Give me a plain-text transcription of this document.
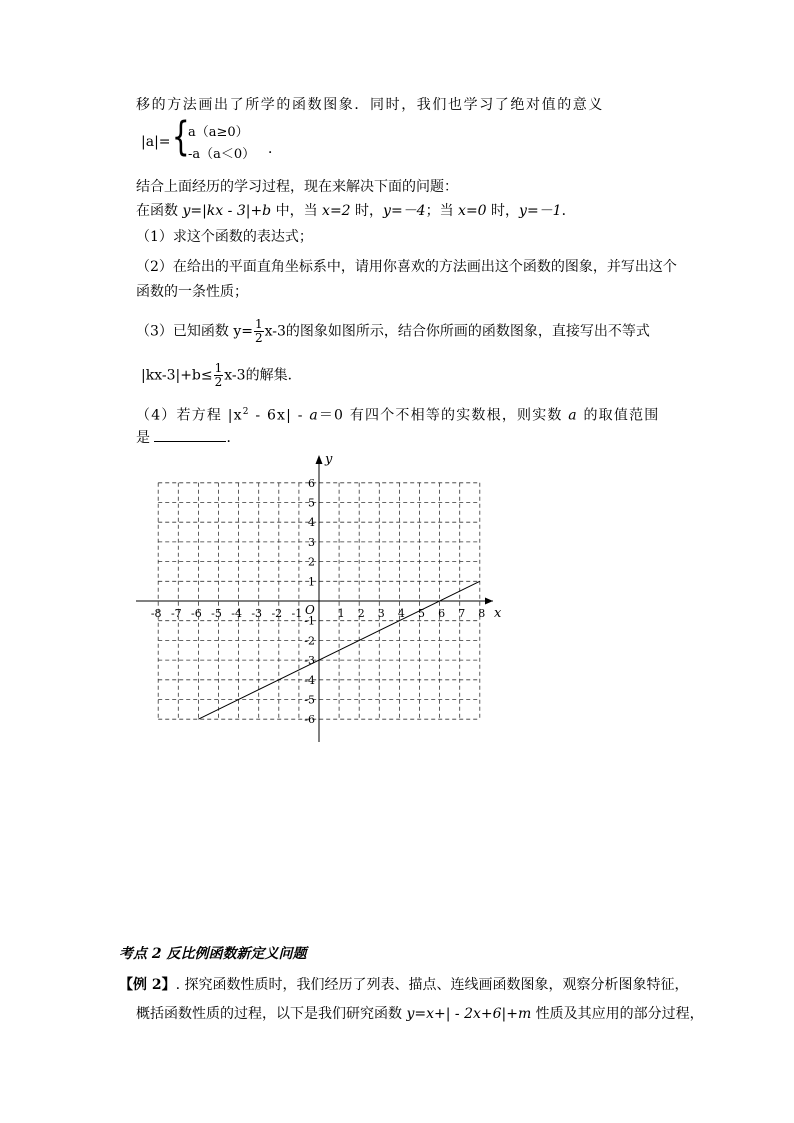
移的方法画出了所学的函数图象．同时，我们也学习了绝对值的意义
|a|= {
a（a≥0）
-a（a＜0） ．
结合上面经历的学习过程，现在来解决下面的问题：
在函数 y=|kx - 3|+b 中，当 x=2 时，y=－4；当 x=0 时，y=－1．
（1）求这个函数的表达式；
（2）在给出的平面直角坐标系中，请用你喜欢的方法画出这个函数的图象，并写出这个
函数的一条性质；
（3）已知函数 $y= \frac{1}{2} x-3$的图象如图所示，结合你所画的函数图象，直接写出不等式
$|kx-3|+b\le \frac{1}{2} x-3$的解集．
（4）若方程 $|x^2 - 6x| - a=0$ 有四个不相等的实数根，则实数 a 的取值范围
是	．
x
y
O
-8 -7 -6 -5 -4 -3 -2 -1	1 2 3 4 5 6 7 8
1
2
3
4
5
6
-1
-2
-3
-4
-5
-6
考点 2 反比例函数新定义问题
【例 2】. 探究函数性质时，我们经历了列表、描点、连线画函数图象，观察分析图象特征，
概括函数性质的过程，以下是我们研究函数 y=x+| - 2x+6|+m 性质及其应用的部分过程，
